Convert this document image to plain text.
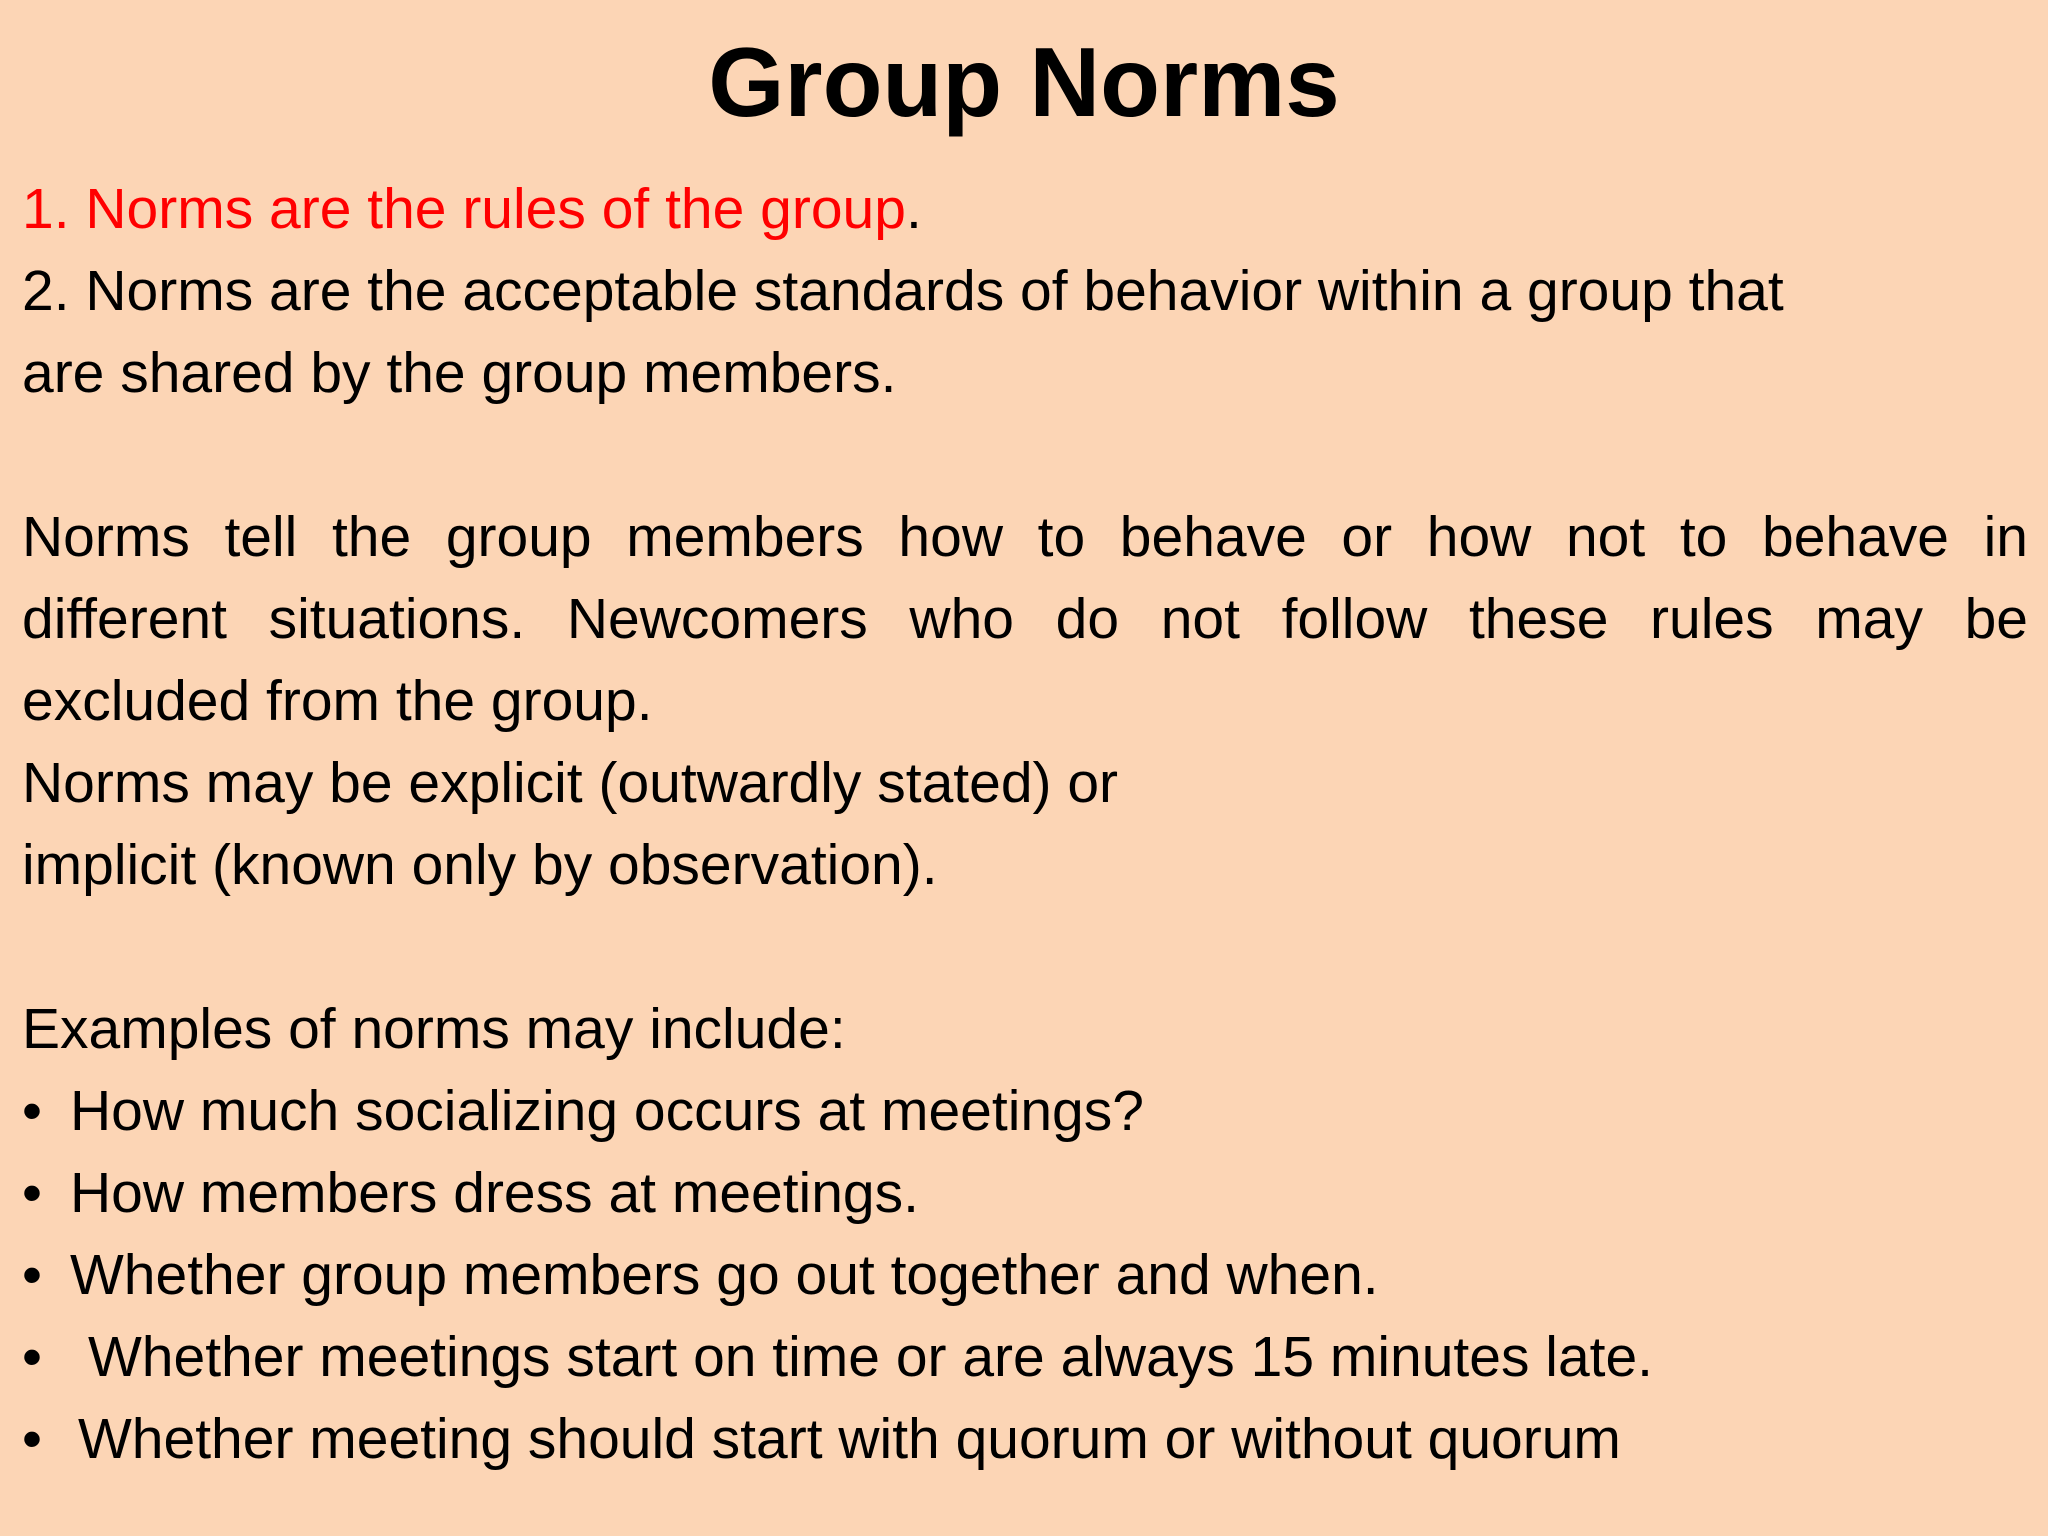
Group Norms
1. Norms are the rules of the group.
2. Norms are the acceptable standards of behavior within a group that
are shared by the group members.
Norms tell the group members how to behave or how not to behave in
different situations. Newcomers who do not follow these rules may be
excluded from the group.
Norms may be explicit (outwardly stated) or
implicit (known only by observation).
Examples of norms may include:
• How much socializing occurs at meetings?
• How members dress at meetings.
• Whether group members go out together and when.
• Whether meetings start on time or are always 15 minutes late.
• Whether meeting should start with quorum or without quorum
